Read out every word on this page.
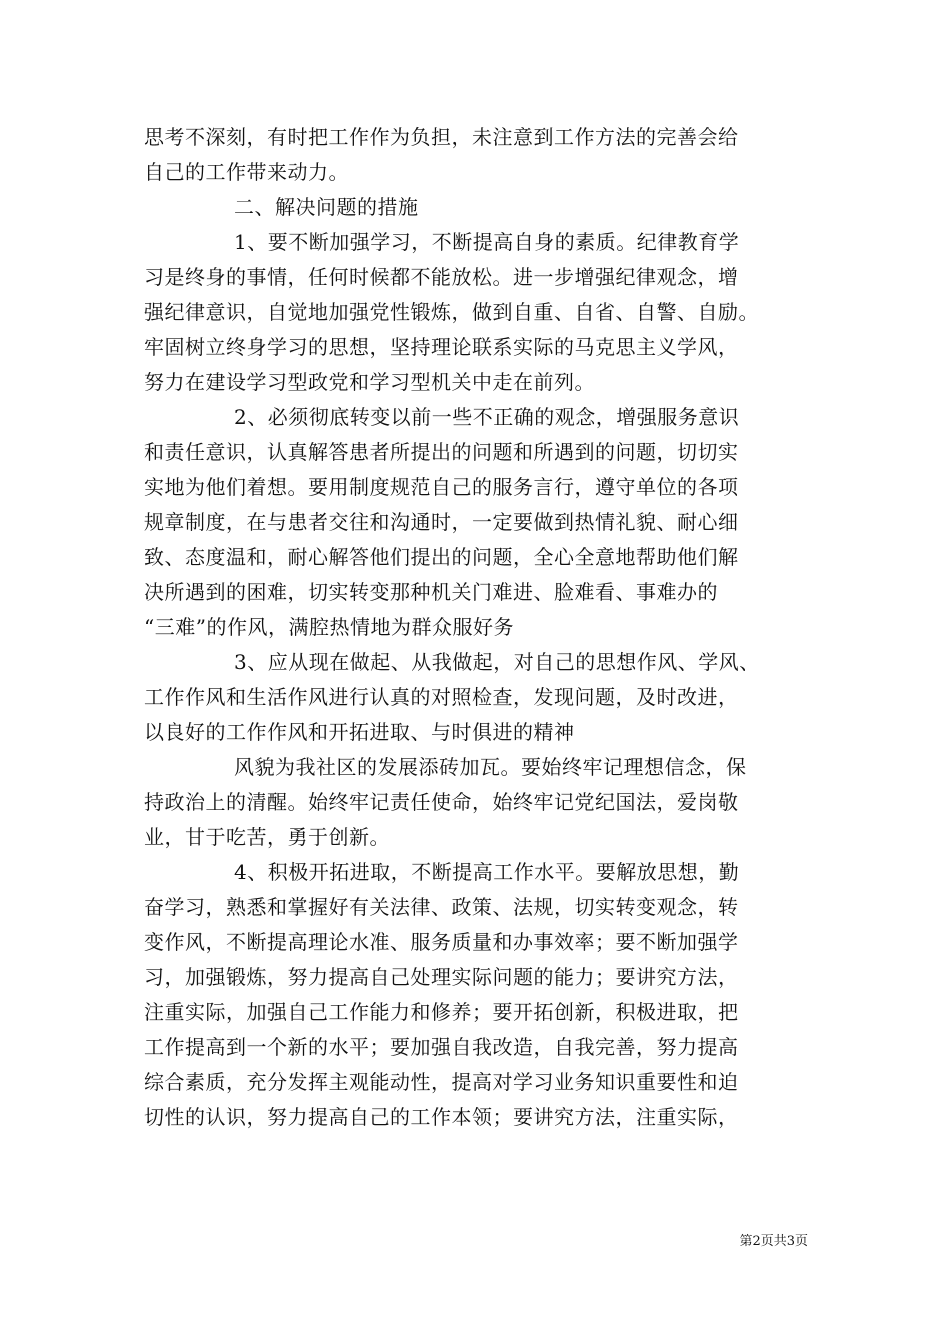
思考不深刻，有时把工作作为负担，未注意到工作方法的完善会给
自己的工作带来动力。
二、解决问题的措施
1、要不断加强学习，不断提高自身的素质。纪律教育学
习是终身的事情，任何时候都不能放松。进一步增强纪律观念，增
强纪律意识，自觉地加强党性锻炼，做到自重、自省、自警、自励。
牢固树立终身学习的思想，坚持理论联系实际的马克思主义学风，
努力在建设学习型政党和学习型机关中走在前列。
2、必须彻底转变以前一些不正确的观念，增强服务意识
和责任意识，认真解答患者所提出的问题和所遇到的问题，切切实
实地为他们着想。要用制度规范自己的服务言行，遵守单位的各项
规章制度，在与患者交往和沟通时，一定要做到热情礼貌、耐心细
致、态度温和，耐心解答他们提出的问题，全心全意地帮助他们解
决所遇到的困难，切实转变那种机关门难进、脸难看、事难办的
“三难”的作风，满腔热情地为群众服好务
3、应从现在做起、从我做起，对自己的思想作风、学风、
工作作风和生活作风进行认真的对照检查，发现问题，及时改进，
以良好的工作作风和开拓进取、与时俱进的精神
风貌为我社区的发展添砖加瓦。要始终牢记理想信念，保
持政治上的清醒。始终牢记责任使命，始终牢记党纪国法，爱岗敬
业，甘于吃苦，勇于创新。
4、积极开拓进取，不断提高工作水平。要解放思想，勤
奋学习，熟悉和掌握好有关法律、政策、法规，切实转变观念，转
变作风，不断提高理论水准、服务质量和办事效率；要不断加强学
习，加强锻炼，努力提高自己处理实际问题的能力；要讲究方法，
注重实际，加强自己工作能力和修养；要开拓创新，积极进取，把
工作提高到一个新的水平；要加强自我改造，自我完善，努力提高
综合素质，充分发挥主观能动性，提高对学习业务知识重要性和迫
切性的认识，努力提高自己的工作本领；要讲究方法，注重实际，

第2页共3页
